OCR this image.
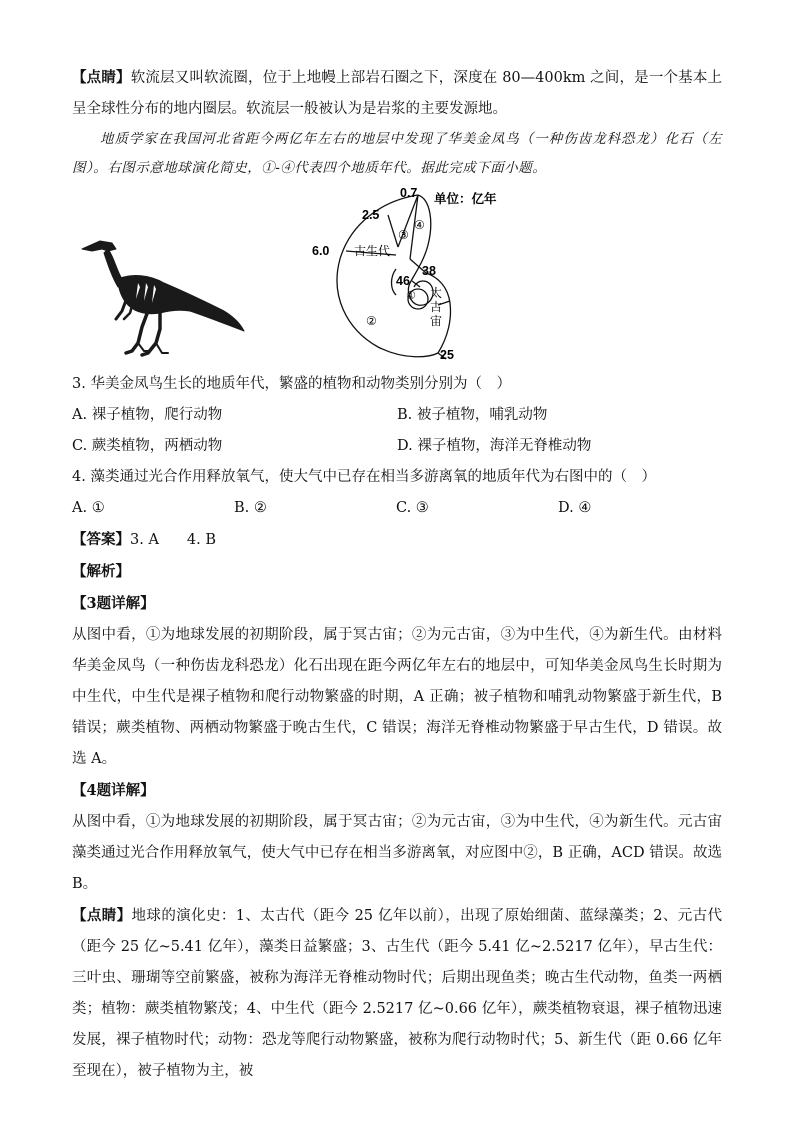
【点睛】软流层又叫软流圈，位于上地幔上部岩石圈之下，深度在 80—400km 之间，是一个基本上呈全球性分布的地内圈层。软流层一般被认为是岩浆的主要发源地。

地质学家在我国河北省距今两亿年左右的地层中发现了华美金凤鸟（一种伤齿龙科恐龙）化石（左图）。右图示意地球演化简史，①-④代表四个地质年代。据此完成下面小题。

单位：亿年
0.7
2.5
6.0 古生代
③
④
38
46
① 太
古
宙
②
25

3. 华美金凤鸟生长的地质年代，繁盛的植物和动物类别分别为（　）

A. 裸子植物，爬行动物	B. 被子植物，哺乳动物
C. 蕨类植物，两栖动物	D. 裸子植物，海洋无脊椎动物

4. 藻类通过光合作用释放氧气，使大气中已存在相当多游离氧的地质年代为右图中的（　）

A. ①	B. ②	C. ③	D. ④

【答案】3. A 4. B

【解析】

【3题详解】

从图中看，①为地球发展的初期阶段，属于冥古宙；②为元古宙，③为中生代，④为新生代。由材料华美金凤鸟（一种伤齿龙科恐龙）化石出现在距今两亿年左右的地层中，可知华美金凤鸟生长时期为中生代，中生代是裸子植物和爬行动物繁盛的时期，A 正确；被子植物和哺乳动物繁盛于新生代，B 错误；蕨类植物、两栖动物繁盛于晚古生代，C 错误；海洋无脊椎动物繁盛于早古生代，D 错误。故选 A。

【4题详解】

从图中看，①为地球发展的初期阶段，属于冥古宙；②为元古宙，③为中生代，④为新生代。元古宙藻类通过光合作用释放氧气，使大气中已存在相当多游离氧，对应图中②，B 正确，ACD 错误。故选 B。

【点睛】地球的演化史：1、太古代（距今 25 亿年以前），出现了原始细菌、蓝绿藻类；2、元古代（距今 25 亿~5.41 亿年），藻类日益繁盛；3、古生代（距今 5.41 亿~2.5217 亿年），早古生代：三叶虫、珊瑚等空前繁盛，被称为海洋无脊椎动物时代；后期出现鱼类；晚古生代动物，鱼类一两栖类；植物：蕨类植物繁茂；4、中生代（距今 2.5217 亿~0.66 亿年），蕨类植物衰退，裸子植物迅速发展，裸子植物时代；动物：恐龙等爬行动物繁盛，被称为爬行动物时代；5、新生代（距 0.66 亿年至现在），被子植物为主，被
